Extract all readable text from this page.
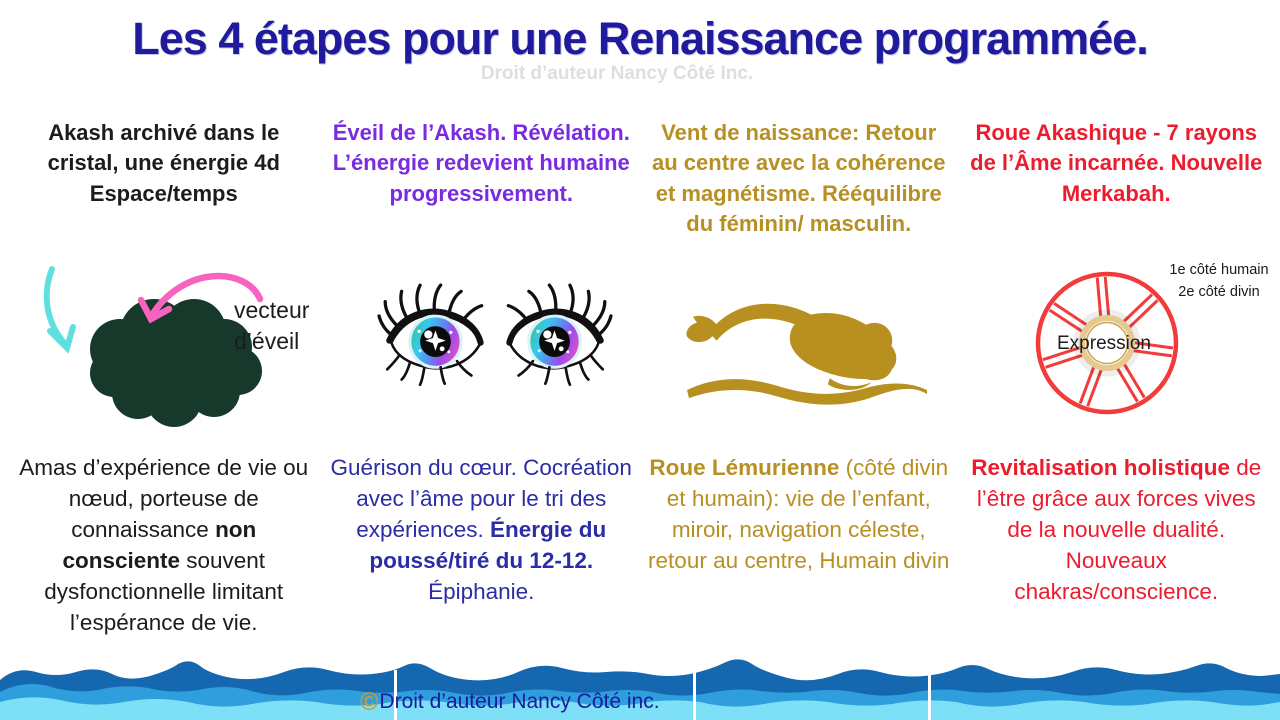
Les 4 étapes pour une Renaissance programmée.
Droit d’auteur Nancy Côté Inc.
Akash archivé dans le cristal, une énergie 4d Espace/temps
Éveil de l’Akash. Révélation. L’énergie redevient humaine progressivement.
Vent de naissance: Retour au centre avec la cohérence et magnétisme. Rééquilibre du féminin/ masculin.
Roue Akashique - 7 rayons de l’Âme incarnée. Nouvelle Merkabah.
vecteur d’éveil	Expression
1e côté humain
2e côté divin
Amas d’expérience de vie ou nœud, porteuse de connaissance non consciente souvent dysfonctionnelle limitant l’espérance de vie.
Guérison du cœur. Cocréation avec l’âme pour le tri des expériences. Énergie du poussé/tiré du 12-12. Épiphanie.
Roue Lémurienne (côté divin et humain): vie de l’enfant, miroir, navigation céleste, retour au centre, Humain divin
Revitalisation holistique de l’être grâce aux forces vives de la nouvelle dualité. Nouveaux chakras/conscience.
©Droit d’auteur Nancy Côté inc.
